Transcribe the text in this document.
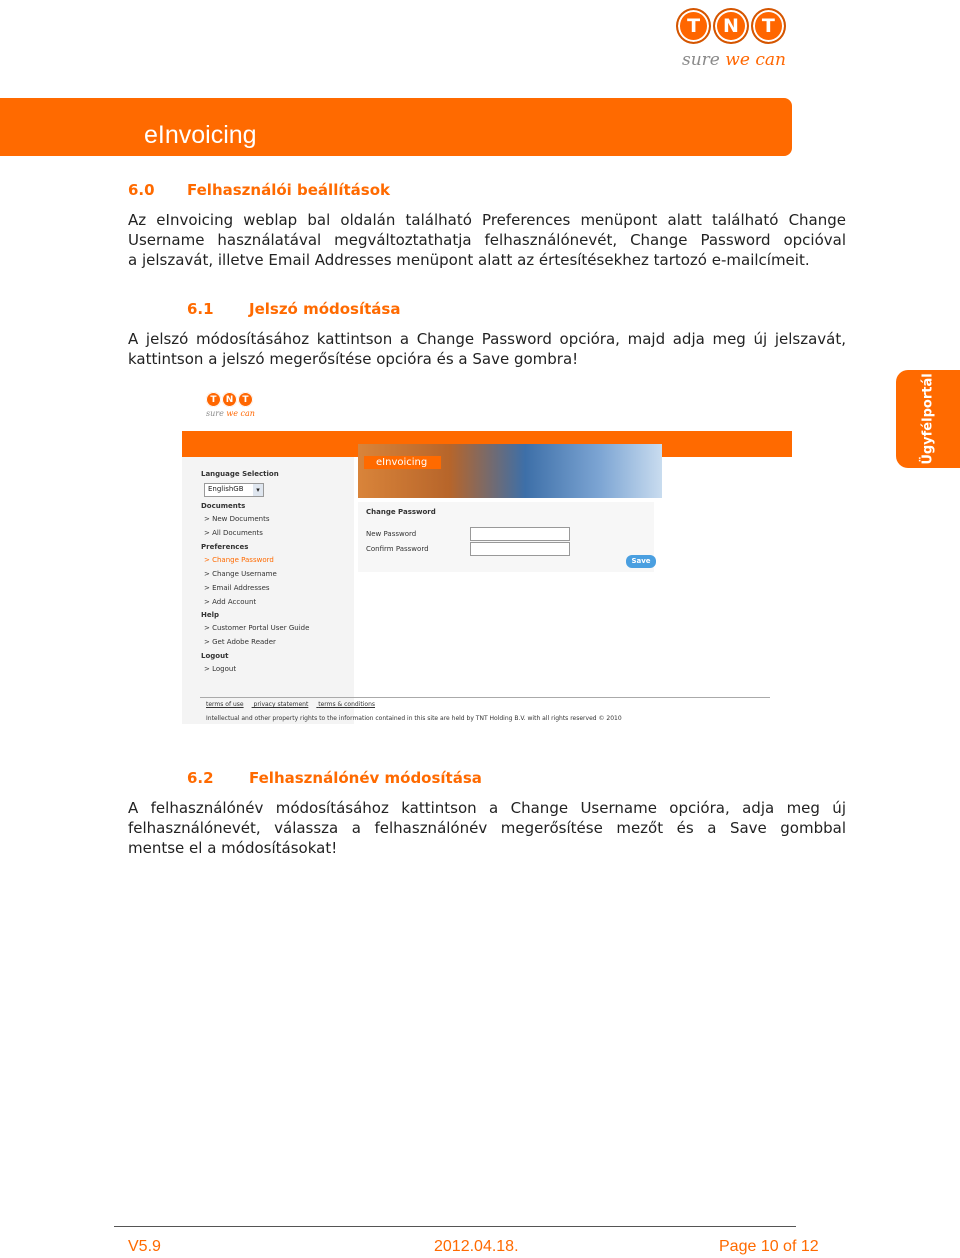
T	N	T
sure we can
eInvoicing
6.0 Felhasználói beállítások
Az eInvoicing weblap bal oldalán található Preferences menüpont alatt található Change
Username használatával megváltoztathatja felhasználónevét, Change Password opcióval
a jelszavát, illetve Email Addresses menüpont alatt az értesítésekhez tartozó e-mailcímeit.
6.1 Jelszó módosítása
A jelszó módosításához kattintson a Change Password opcióra, majd adja meg új jelszavát,
kattintson a jelszó megerősítése opcióra és a Save gombra!
Ügyfélportál
T	N	T
sure we can
eInvoicing
Language Selection
EnglishGB	▾
Documents
> New Documents
> All Documents
Preferences
> Change Password
> Change Username
> Email Addresses
> Add Account
Help
> Customer Portal User Guide
> Get Adobe Reader
Logout
> Logout
Change Password
New Password
Confirm Password
Save
terms of use privacy statement terms & conditions
Intellectual and other property rights to the information contained in this site are held by TNT Holding B.V. with all rights reserved © 2010
6.2 Felhasználónév módosítása
A felhasználónév módosításához kattintson a Change Username opcióra, adja meg új
felhasználónevét, válassza a felhasználónév megerősítése mezőt és a Save gombbal
mentse el a módosításokat!
V5.9	2012.04.18.	Page 10 of 12
